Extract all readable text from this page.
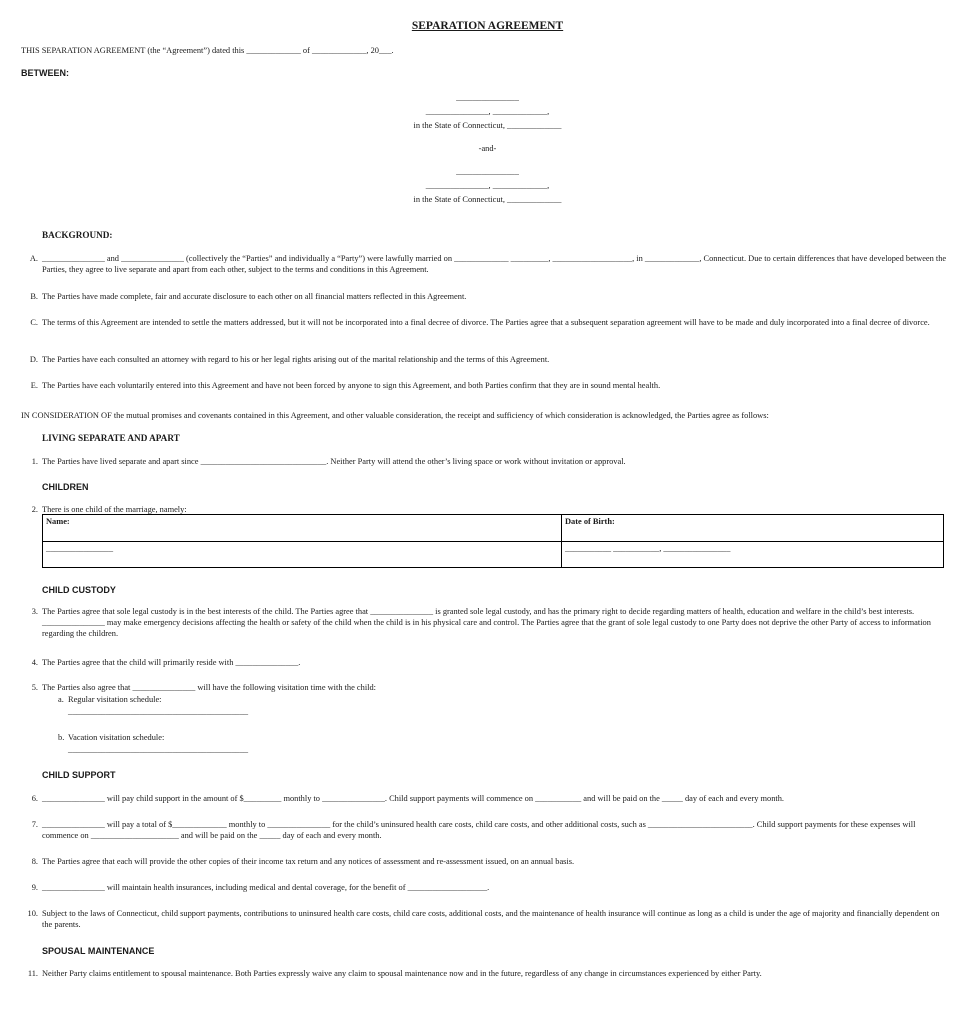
SEPARATION AGREEMENT
THIS SEPARATION AGREEMENT (the “Agreement”) dated this _____________ of _____________, 20___.
BETWEEN:
_______________
_______________, _____________,
in the State of Connecticut, _____________
-and-
_______________
_______________, _____________,
in the State of Connecticut, _____________
BACKGROUND:
A. _______________ and _______________ (collectively the “Parties” and individually a “Party”) were lawfully married on _____________ _________, ___________________, in _____________, Connecticut. Due to certain differences that have developed between the Parties, they agree to live separate and apart from each other, subject to the terms and conditions in this Agreement.
B. The Parties have made complete, fair and accurate disclosure to each other on all financial matters reflected in this Agreement.
C. The terms of this Agreement are intended to settle the matters addressed, but it will not be incorporated into a final decree of divorce. The Parties agree that a subsequent separation agreement will have to be made and duly incorporated into a final decree of divorce.
D. The Parties have each consulted an attorney with regard to his or her legal rights arising out of the marital relationship and the terms of this Agreement.
E. The Parties have each voluntarily entered into this Agreement and have not been forced by anyone to sign this Agreement, and both Parties confirm that they are in sound mental health.
IN CONSIDERATION OF the mutual promises and covenants contained in this Agreement, and other valuable consideration, the receipt and sufficiency of which consideration is acknowledged, the Parties agree as follows:
LIVING SEPARATE AND APART
1. The Parties have lived separate and apart since ______________________________. Neither Party will attend the other’s living space or work without invitation or approval.
CHILDREN
2. There is one child of the marriage, namely:
Name:	Date of Birth:
________________	___________ ___________, ________________
CHILD CUSTODY
3. The Parties agree that sole legal custody is in the best interests of the child. The Parties agree that _______________ is granted sole legal custody, and has the primary right to decide regarding matters of health, education and welfare in the child’s best interests. _______________ may make emergency decisions affecting the health or safety of the child when the child is in his physical care and control. The Parties agree that the grant of sole legal custody to one Party does not deprive the other Party of access to information regarding the children.
4. The Parties agree that the child will primarily reside with _______________.
5. The Parties also agree that _______________ will have the following visitation time with the child:
a. Regular visitation schedule:
___________________________________________
b. Vacation visitation schedule:
___________________________________________
CHILD SUPPORT
6. _______________ will pay child support in the amount of $_________ monthly to _______________. Child support payments will commence on ___________ and will be paid on the _____ day of each and every month.
7. _______________ will pay a total of $_____________ monthly to _______________ for the child’s uninsured health care costs, child care costs, and other additional costs, such as _________________________. Child support payments for these expenses will commence on _____________________ and will be paid on the _____ day of each and every month.
8. The Parties agree that each will provide the other copies of their income tax return and any notices of assessment and re-assessment issued, on an annual basis.
9. _______________ will maintain health insurances, including medical and dental coverage, for the benefit of ___________________.
10. Subject to the laws of Connecticut, child support payments, contributions to uninsured health care costs, child care costs, additional costs, and the maintenance of health insurance will continue as long as a child is under the age of majority and financially dependent on the parents.
SPOUSAL MAINTENANCE
11. Neither Party claims entitlement to spousal maintenance. Both Parties expressly waive any claim to spousal maintenance now and in the future, regardless of any change in circumstances experienced by either Party.
